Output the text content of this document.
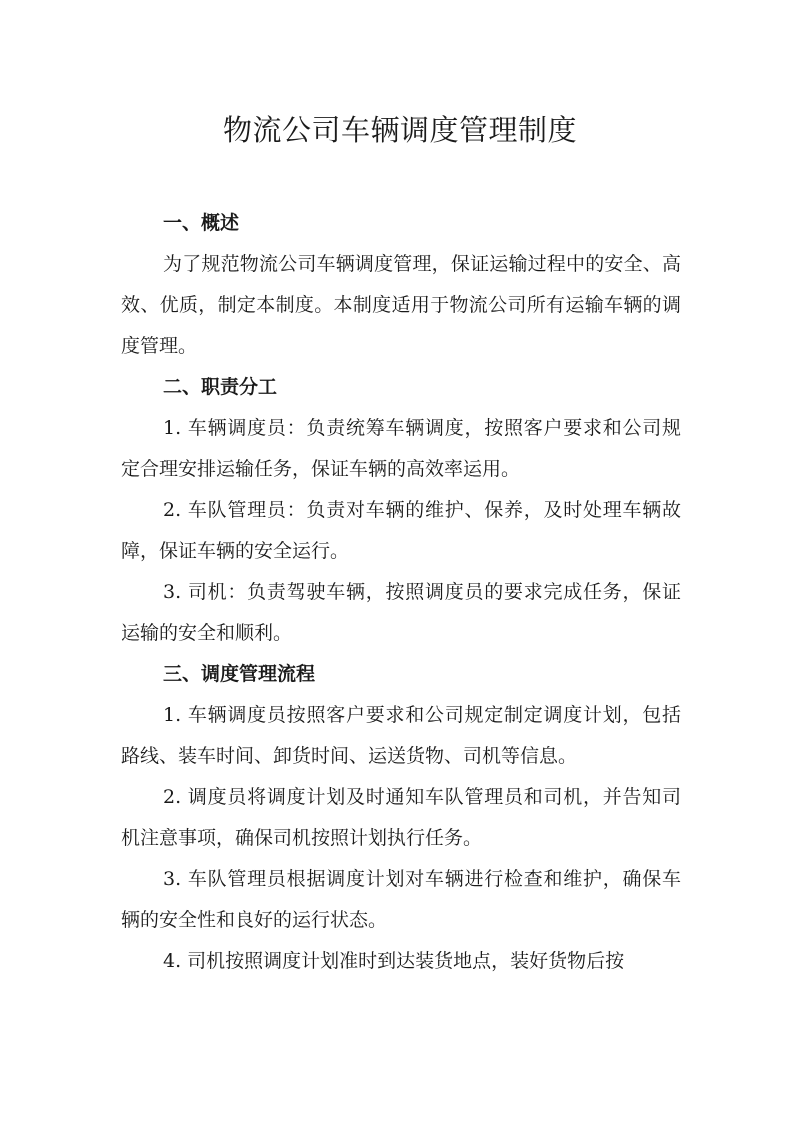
物流公司车辆调度管理制度
一、概述

为了规范物流公司车辆调度管理，保证运输过程中的安全、高效、优质，制定本制度。本制度适用于物流公司所有运输车辆的调度管理。

二、职责分工

1. 车辆调度员：负责统筹车辆调度，按照客户要求和公司规定合理安排运输任务，保证车辆的高效率运用。

2. 车队管理员：负责对车辆的维护、保养，及时处理车辆故障，保证车辆的安全运行。

3. 司机：负责驾驶车辆，按照调度员的要求完成任务，保证运输的安全和顺利。

三、调度管理流程

1. 车辆调度员按照客户要求和公司规定制定调度计划，包括路线、装车时间、卸货时间、运送货物、司机等信息。

2. 调度员将调度计划及时通知车队管理员和司机，并告知司机注意事项，确保司机按照计划执行任务。

3. 车队管理员根据调度计划对车辆进行检查和维护，确保车辆的安全性和良好的运行状态。

4. 司机按照调度计划准时到达装货地点，装好货物后按
